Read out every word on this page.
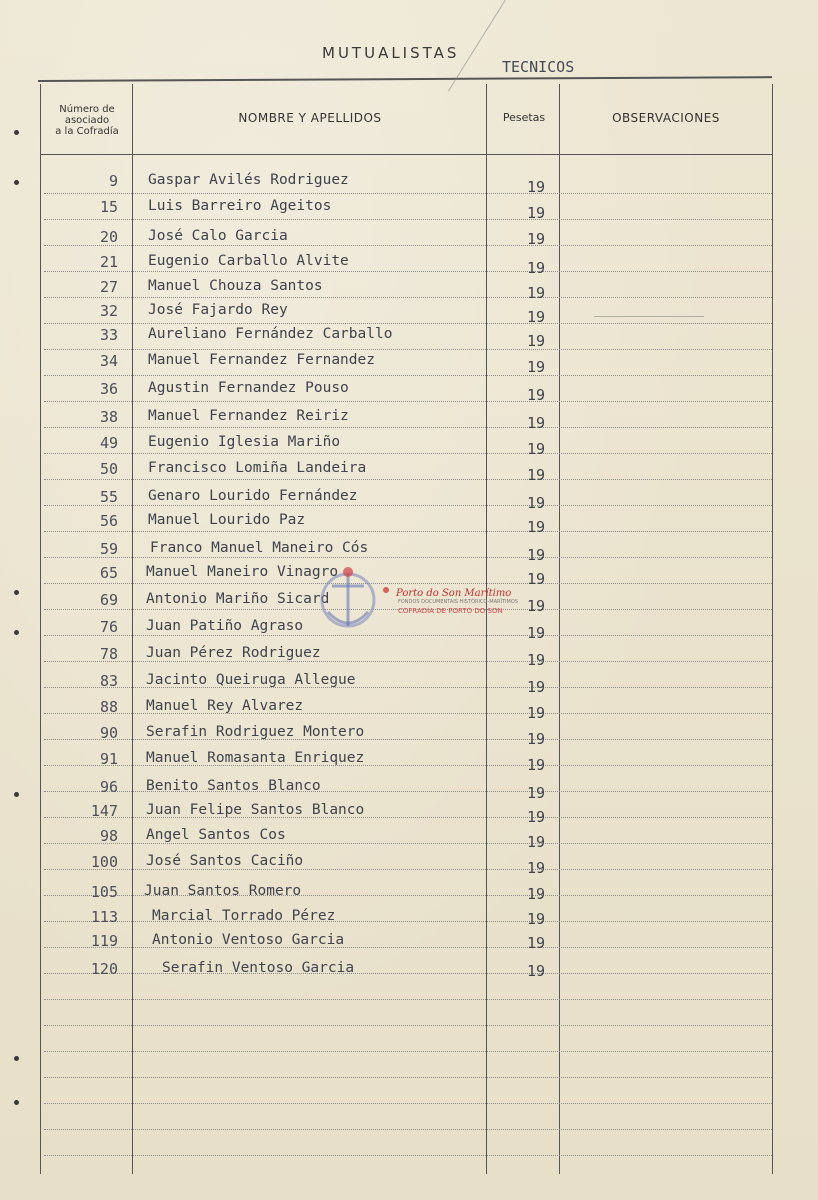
MUTUALISTAS
TECNICOS
Número de
asociado
a la Cofradía
NOMBRE Y APELLIDOS	Pesetas	OBSERVACIONES
9 Gaspar Avilés Rodriguez	19
15 Luis Barreiro Ageitos	19
20 José Calo Garcia	19
21 Eugenio Carballo Alvite	19
27 Manuel Chouza Santos	19
32 José Fajardo Rey	19
33 Aureliano Fernández Carballo	19
34 Manuel Fernandez Fernandez	19
36 Agustin Fernandez Pouso	19
38 Manuel Fernandez Reiriz	19
49 Eugenio Iglesia Mariño	19
50 Francisco Lomiña Landeira	19
55 Genaro Lourido Fernández	19
56 Manuel Lourido Paz	19
59 Franco Manuel Maneiro Cós	19
65 Manuel Maneiro Vinagro	19
69 Antonio Mariño Sicard	19
76 Juan Patiño Agraso	19
78 Juan Pérez Rodriguez	19
83 Jacinto Queiruga Allegue	19
88 Manuel Rey Alvarez	19
90 Serafin Rodriguez Montero	19
91 Manuel Romasanta Enriquez	19
96 Benito Santos Blanco	19
147 Juan Felipe Santos Blanco	19
98 Angel Santos Cos	19
100 José Santos Caciño	19
105 Juan Santos Romero	19
113 Marcial Torrado Pérez	19
119 Antonio Ventoso Garcia	19
120	Serafin Ventoso Garcia	19
Porto do Son Marítimo
FONDOS DOCUMENTAIS HISTÓRICO-MARÍTIMOS
COFRADÍA DE PORTO DO SON
